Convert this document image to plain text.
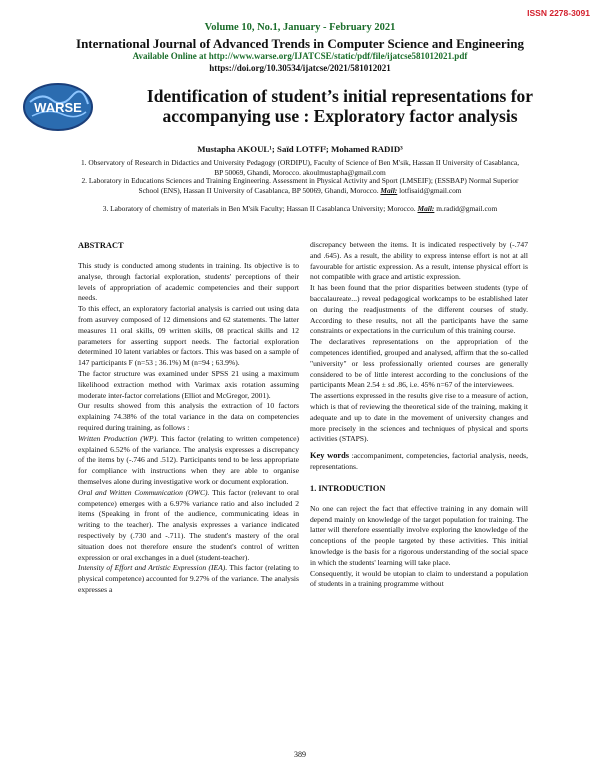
ISSN 2278-3091
Volume 10, No.1, January - February 2021
International Journal of Advanced Trends in Computer Science and Engineering
Available Online at http://www.warse.org/IJATCSE/static/pdf/file/ijatcse581012021.pdf
https://doi.org/10.30534/ijatcse/2021/581012021
WARSE
Identification of student’s initial representations for
accompanying use : Exploratory factor analysis
Mustapha AKOUL¹; Saïd LOTFI²; Mohamed RADID³
1. Observatory of Research in Didactics and University Pedagogy (ORDIPU), Faculty of Science of Ben M'sik, Hassan II University of Casablanca, BP 50069, Ghandi, Morocco. akoulmustapha@gmail.com
2. Laboratory in Educations Sciences and Training Engineering. Assessment in Physical Activity and Sport (LMSEIF); (ESSBAP) Normal Superior School (ENS), Hassan II University of Casablanca, BP 50069, Ghandi, Morocco. Mail: lotfisaid@gmail.com
3. Laboratory of chemistry of materials in Ben M'sik Faculty; Hassan II Casablanca University; Morocco. Mail: m.radid@gmail.com
ABSTRACT

This study is conducted among students in training. Its objective is to analyse, through factorial exploration, students' perceptions of their levels of appropriation of academic competencies and their support needs.

To this effect, an exploratory factorial analysis is carried out using data from asurvey composed of 12 dimensions and 62 statements. The latter measures 11 oral skills, 09 written skills, 08 practical skills and 12 parameters for asserting support needs. The factorial exploration determined 10 latent variables or factors. This was based on a sample of 147 participants F (n=53 ; 36.1%) M (n=94 ; 63.9%).

The factor structure was examined under SPSS 21 using a maximum likelihood extraction method with Varimax axis rotation assuming moderate inter-factor correlations (Elliot and McGregor, 2001).

Our results showed from this analysis the extraction of 10 factors explaining 74.38% of the total variance in the data on competencies required during training, as follows :

Written Production (WP). This factor (relating to written competence) explained 6.52% of the variance. The analysis expresses a discrepancy of the items by (-.746 and .512). Participants tend to be less appropriate for compliance with instructions when they are able to organise themselves alone during investigative work or document exploration.

Oral and Written Communication (OWC). This factor (relevant to oral competence) emerges with a 6.97% variance ratio and also included 2 items (Speaking in front of the audience, communicating ideas in writing to the teacher). The analysis expresses a variance indicated respectively by (.730 and -.711). The student's mastery of the oral situation does not therefore ensure the student's control of written expression or oral exchanges in a duel (student-teacher).

Intensity of Effort and Artistic Expression (IEA). This factor (relating to physical competence) accounted for 9.27% of the variance. The analysis expresses a

discrepancy between the items. It is indicated respectively by (-.747 and .645). As a result, the ability to express intense effort is not at all favourable for artistic expression. As a result, intense physical effort is not compatible with grace and artistic expression.

It has been found that the prior disparities between students (type of baccalaureate...) reveal pedagogical workcamps to be established later on during the readjustments of the different courses of study. According to these results, not all the participants have the same constraints or expectations in the curriculum of this training course.

The declaratives representations on the appropriation of the competences identified, grouped and analysed, affirm that the so-called "university" or less professionally oriented courses are generally considered to be of little interest according to the conclusions of the participants Mean 2.54 ± sd .86, i.e. 45% n=67 of the interviewees.

The assertions expressed in the results give rise to a measure of action, which is that of reviewing the theoretical side of the training, making it adequate and up to date in the movement of university changes and more precisely in the sciences and techniques of physical and sports activities (STAPS).

Key words :accompaniment, competencies, factorial analysis, needs, representations.

1. INTRODUCTION

No one can reject the fact that effective training in any domain will depend mainly on knowledge of the target population for training. The latter will therefore essentially involve exploring the knowledge of the conceptions of the people targeted by these activities. This initial knowledge is the basis for a rigorous understanding of the social space in which the students' learning will take place.

Consequently, it would be utopian to claim to understand a population of students in a training programme without

389
